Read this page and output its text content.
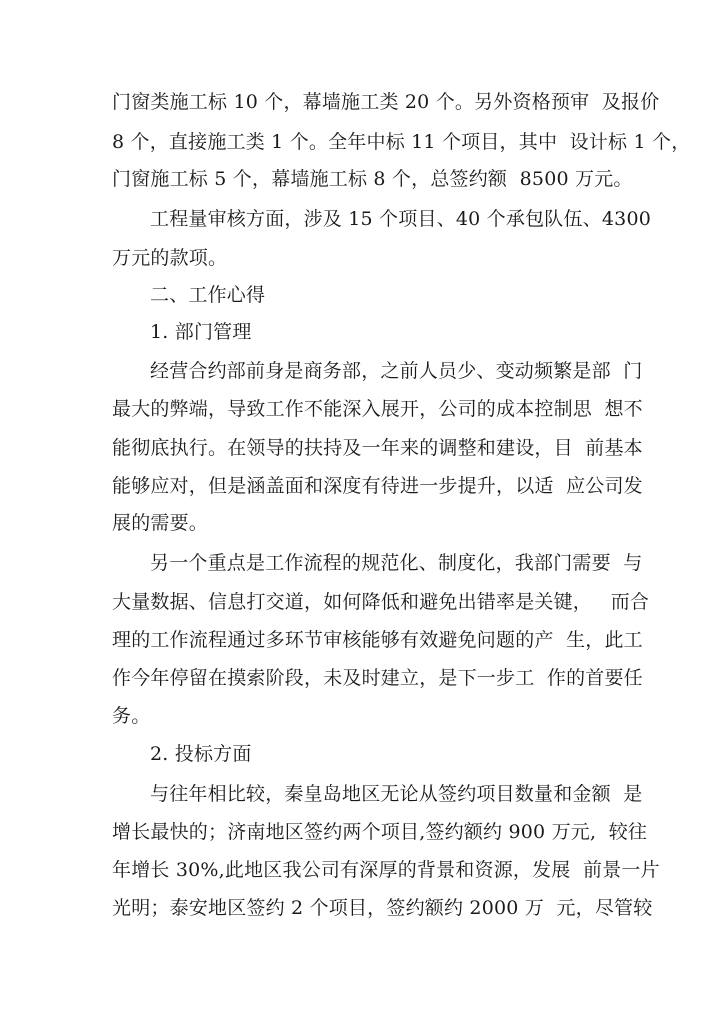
门窗类施工标 10 个，幕墙施工类 20 个。另外资格预审  及报价
8 个，直接施工类 1 个。全年中标 11 个项目，其中  设计标 1 个，
门窗施工标 5 个，幕墙施工标 8 个，总签约额  8500 万元。
工程量审核方面，涉及 15 个项目、40 个承包队伍、4300
万元的款项。
二、工作心得
1. 部门管理
经营合约部前身是商务部，之前人员少、变动频繁是部  门
最大的弊端，导致工作不能深入展开，公司的成本控制思  想不
能彻底执行。在领导的扶持及一年来的调整和建设，目  前基本
能够应对，但是涵盖面和深度有待进一步提升，以适  应公司发
展的需要。
另一个重点是工作流程的规范化、制度化，我部门需要  与
大量数据、信息打交道，如何降低和避免出错率是关键，   而合
理的工作流程通过多环节审核能够有效避免问题的产  生，此工
作今年停留在摸索阶段，未及时建立，是下一步工  作的首要任
务。
2. 投标方面
与往年相比较，秦皇岛地区无论从签约项目数量和金额  是
增长最快的；济南地区签约两个项目,签约额约 900 万元,  较往
年增长 30%,此地区我公司有深厚的背景和资源，发展  前景一片
光明；泰安地区签约 2 个项目，签约额约 2000 万  元，尽管较
